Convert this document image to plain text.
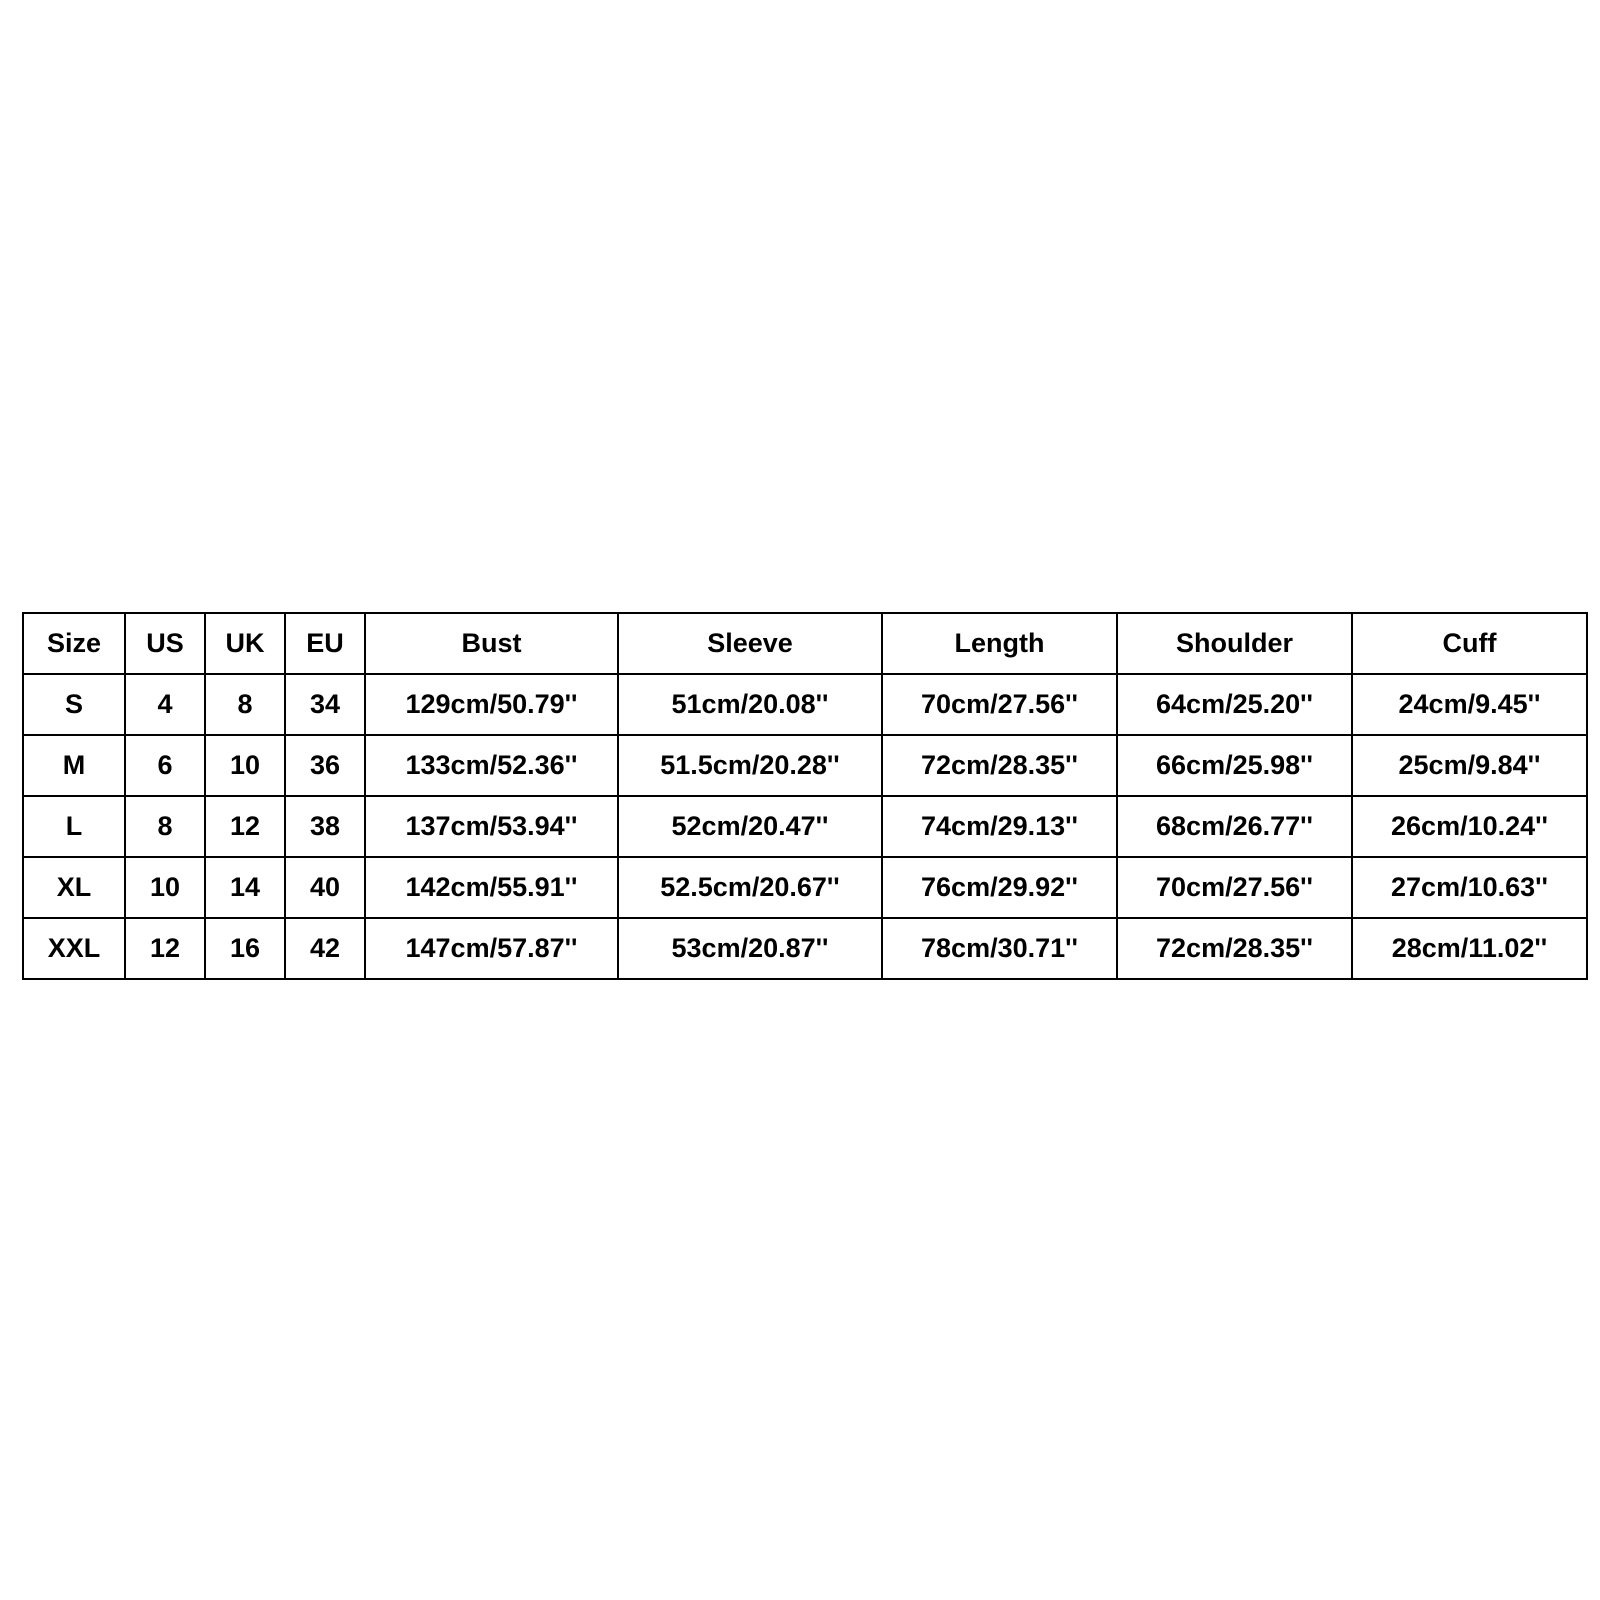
Size	US	UK	EU	Bust	Sleeve	Length	Shoulder	Cuff
S	4	8	34	129cm/50.79''	51cm/20.08''	70cm/27.56''	64cm/25.20''	24cm/9.45''
M	6	10	36	133cm/52.36''	51.5cm/20.28''	72cm/28.35''	66cm/25.98''	25cm/9.84''
L	8	12	38	137cm/53.94''	52cm/20.47''	74cm/29.13''	68cm/26.77''	26cm/10.24''
XL	10	14	40	142cm/55.91''	52.5cm/20.67''	76cm/29.92''	70cm/27.56''	27cm/10.63''
XXL	12	16	42	147cm/57.87''	53cm/20.87''	78cm/30.71''	72cm/28.35''	28cm/11.02''
